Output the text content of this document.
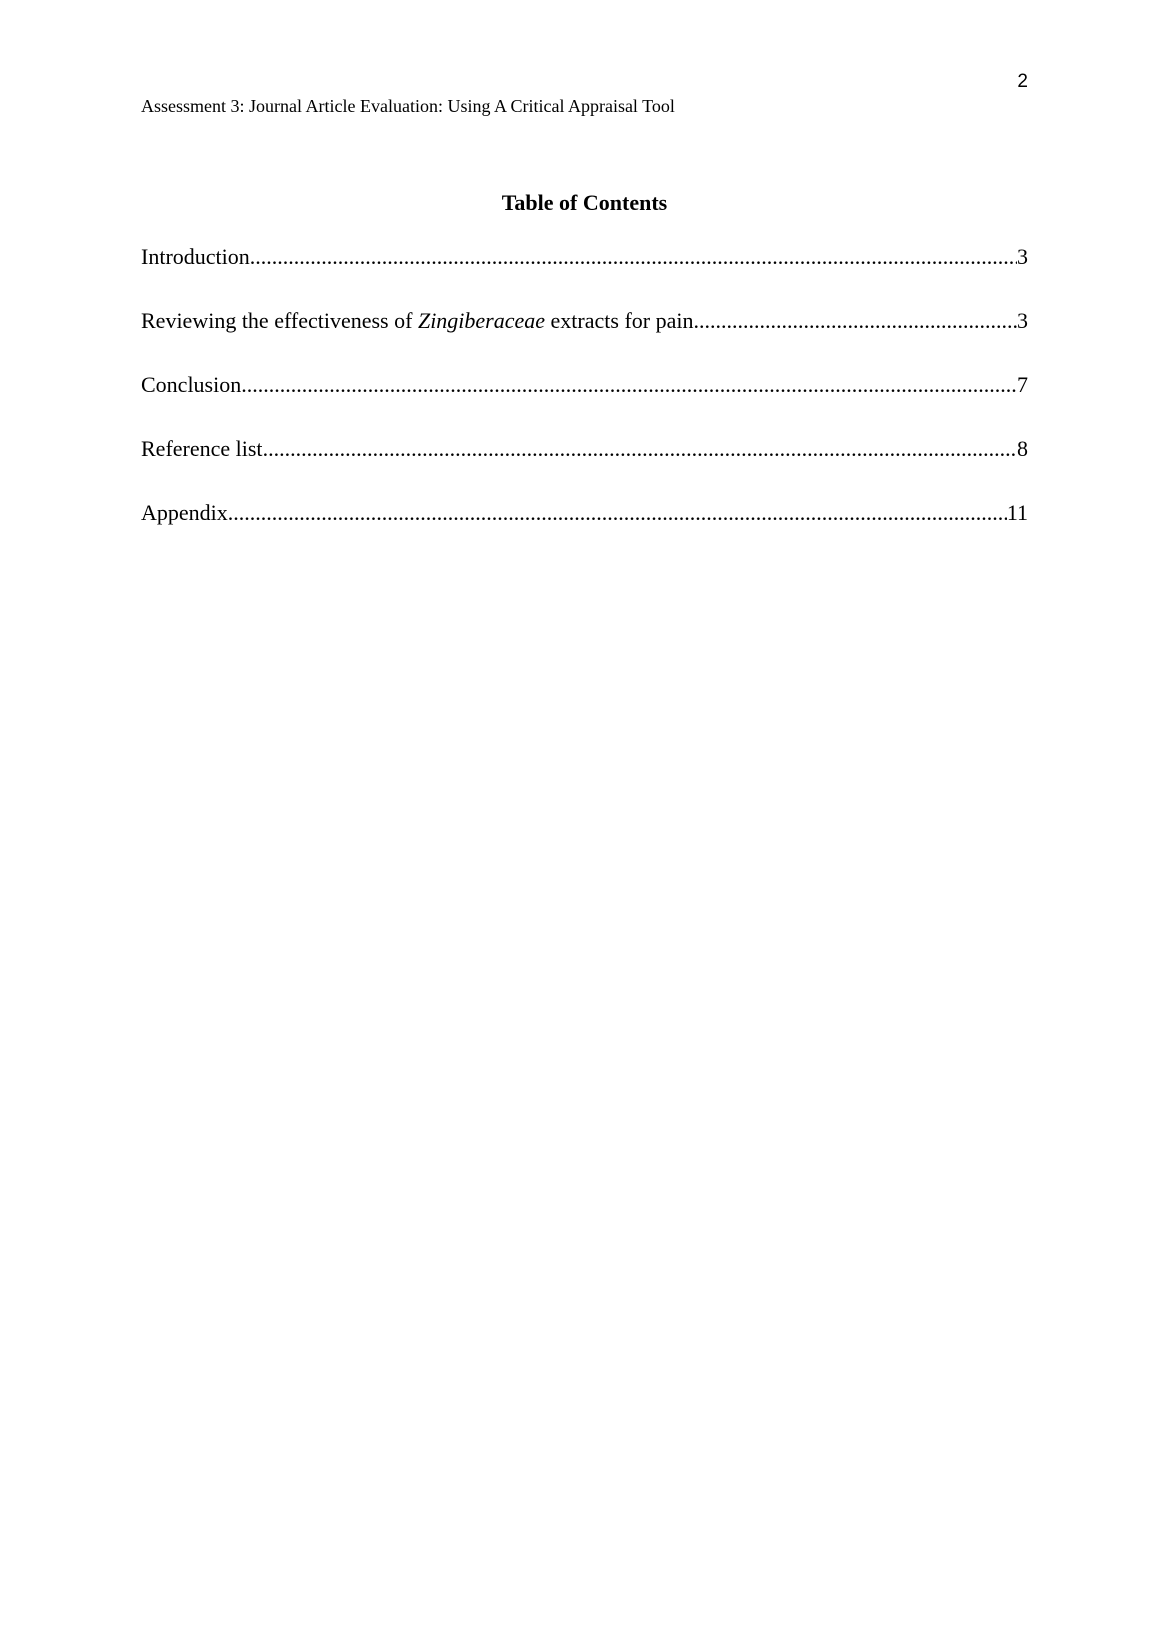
2
Assessment 3: Journal Article Evaluation: Using A Critical Appraisal Tool
Table of Contents
Introduction .....	3
Reviewing the effectiveness of Zingiberaceae extracts for pain .....	3
Conclusion .....	7
Reference list .....	8
Appendix .....	11
